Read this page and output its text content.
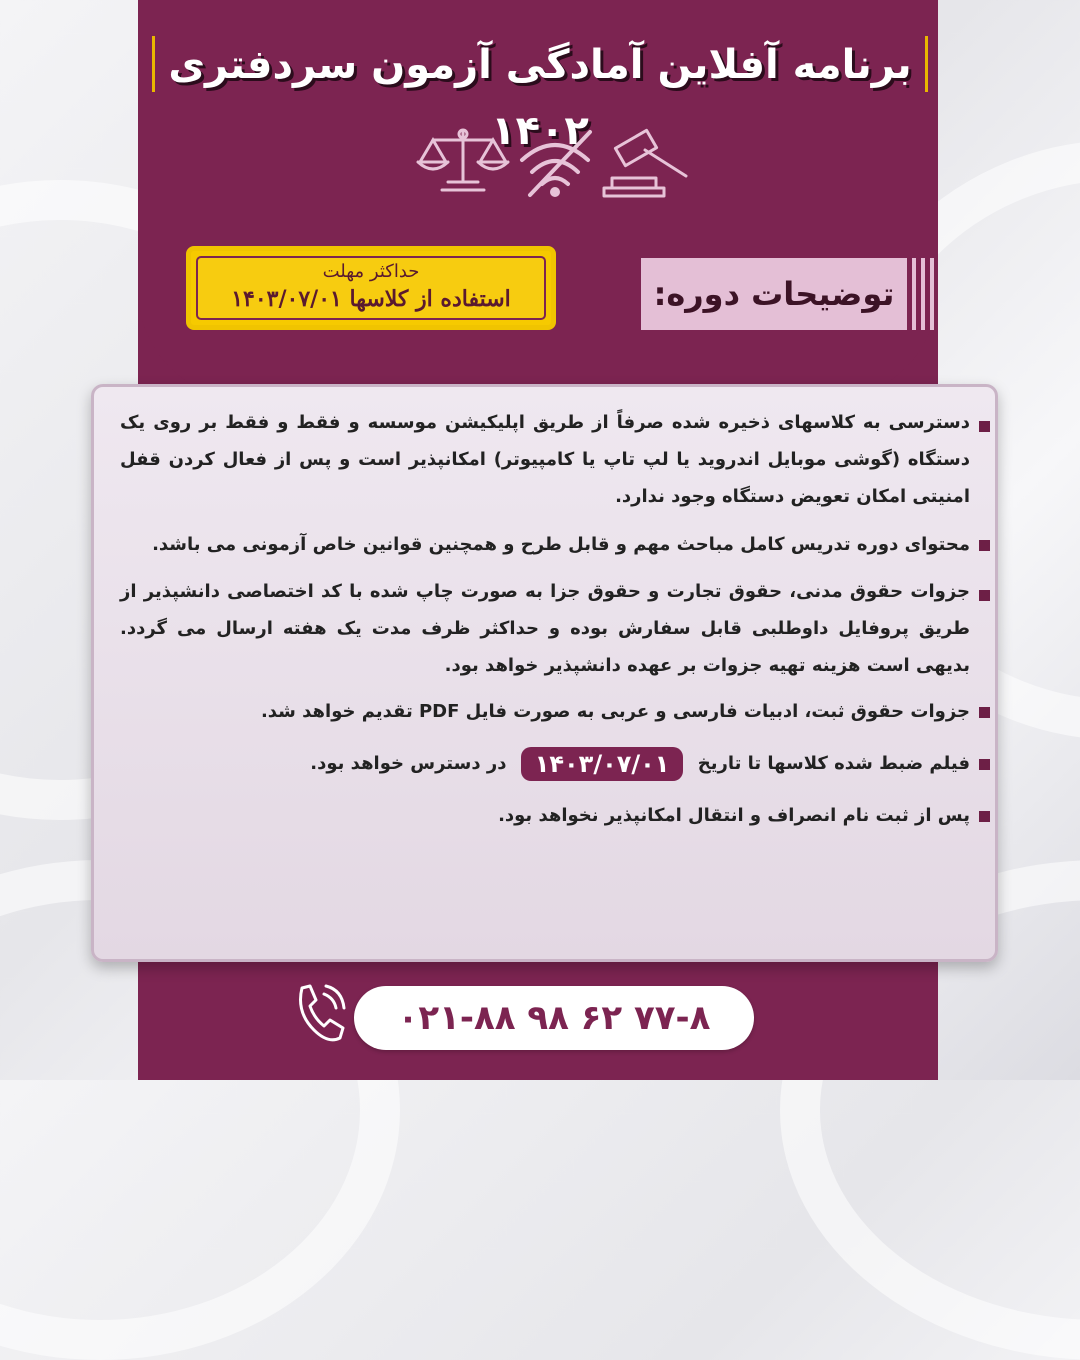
برنامه آفلاین آمادگی آزمون سردفتری ۱۴۰۲
حداکثر مهلت
استفاده از کلاسها ۱۴۰۳/۰۷/۰۱	توضیحات دوره:
دسترسی به کلاسهای ذخیره شده صرفاً از طریق اپلیکیشن موسسه و فقط و فقط بر روی یک دستگاه (گوشی موبایل اندروید یا لپ تاپ یا کامپیوتر) امکانپذیر است و پس از فعال کردن قفل امنیتی امکان تعویض دستگاه وجود ندارد.
محتوای دوره تدریس کامل مباحث مهم و قابل طرح و همچنین قوانین خاص آزمونی می باشد.
جزوات حقوق مدنی، حقوق تجارت و حقوق جزا به صورت چاپ شده با کد اختصاصی دانشپذیر از طریق پروفایل داوطلبی قابل سفارش بوده و حداکثر ظرف مدت یک هفته ارسال می گردد. بدیهی است هزینه تهیه جزوات بر عهده دانشپذیر خواهد بود.
جزوات حقوق ثبت، ادبیات فارسی و عربی به صورت فایل PDF تقدیم خواهد شد.
فیلم ضبط شده کلاسها تا تاریخ ۱۴۰۳/۰۷/۰۱ در دسترس خواهد بود.
پس از ثبت نام انصراف و انتقال امکانپذیر نخواهد بود.
۰۲۱-۸۸ ۹۸ ۶۲ ۷۷-۸
